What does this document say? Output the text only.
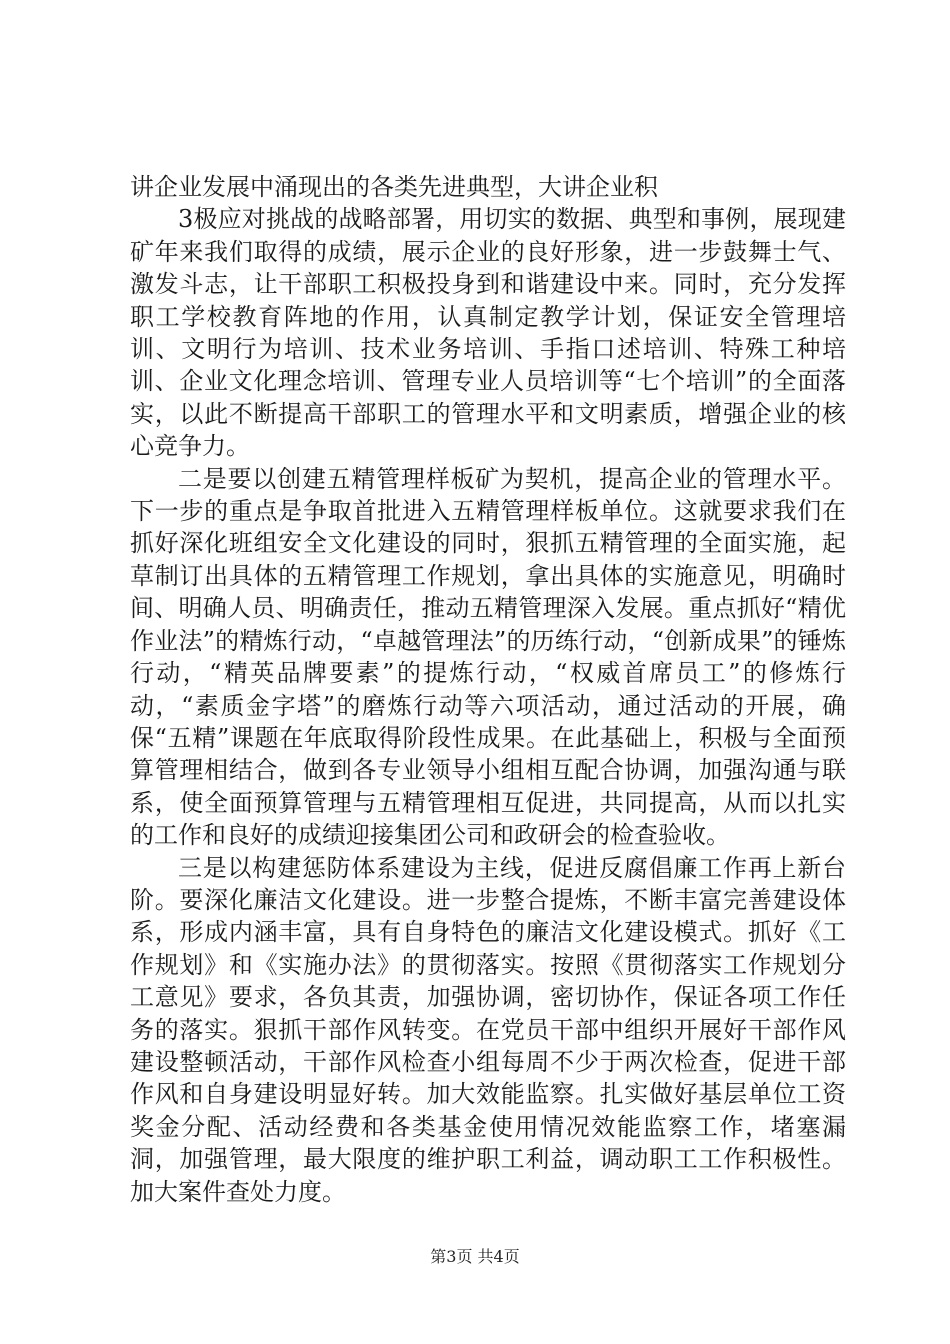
讲企业发展中涌现出的各类先进典型，大讲企业积

3极应对挑战的战略部署，用切实的数据、典型和事例，展现建矿年来我们取得的成绩，展示企业的良好形象，进一步鼓舞士气、激发斗志，让干部职工积极投身到和谐建设中来。同时，充分发挥职工学校教育阵地的作用，认真制定教学计划，保证安全管理培训、文明行为培训、技术业务培训、手指口述培训、特殊工种培训、企业文化理念培训、管理专业人员培训等“七个培训”的全面落实，以此不断提高干部职工的管理水平和文明素质，增强企业的核心竞争力。

二是要以创建五精管理样板矿为契机，提高企业的管理水平。下一步的重点是争取首批进入五精管理样板单位。这就要求我们在抓好深化班组安全文化建设的同时，狠抓五精管理的全面实施，起草制订出具体的五精管理工作规划，拿出具体的实施意见，明确时间、明确人员、明确责任，推动五精管理深入发展。重点抓好“精优作业法”的精炼行动，“卓越管理法”的历练行动，“创新成果”的锤炼行动，“精英品牌要素”的提炼行动，“权威首席员工”的修炼行动，“素质金字塔”的磨炼行动等六项活动，通过活动的开展，确保“五精”课题在年底取得阶段性成果。在此基础上，积极与全面预算管理相结合，做到各专业领导小组相互配合协调，加强沟通与联系，使全面预算管理与五精管理相互促进，共同提高，从而以扎实的工作和良好的成绩迎接集团公司和政研会的检查验收。

三是以构建惩防体系建设为主线，促进反腐倡廉工作再上新台阶。要深化廉洁文化建设。进一步整合提炼，不断丰富完善建设体系，形成内涵丰富，具有自身特色的廉洁文化建设模式。抓好《工作规划》和《实施办法》的贯彻落实。按照《贯彻落实工作规划分工意见》要求，各负其责，加强协调，密切协作，保证各项工作任务的落实。狠抓干部作风转变。在党员干部中组织开展好干部作风建设整顿活动，干部作风检查小组每周不少于两次检查，促进干部作风和自身建设明显好转。加大效能监察。扎实做好基层单位工资奖金分配、活动经费和各类基金使用情况效能监察工作，堵塞漏洞，加强管理，最大限度的维护职工利益，调动职工工作积极性。加大案件查处力度。

第3页 共4页
